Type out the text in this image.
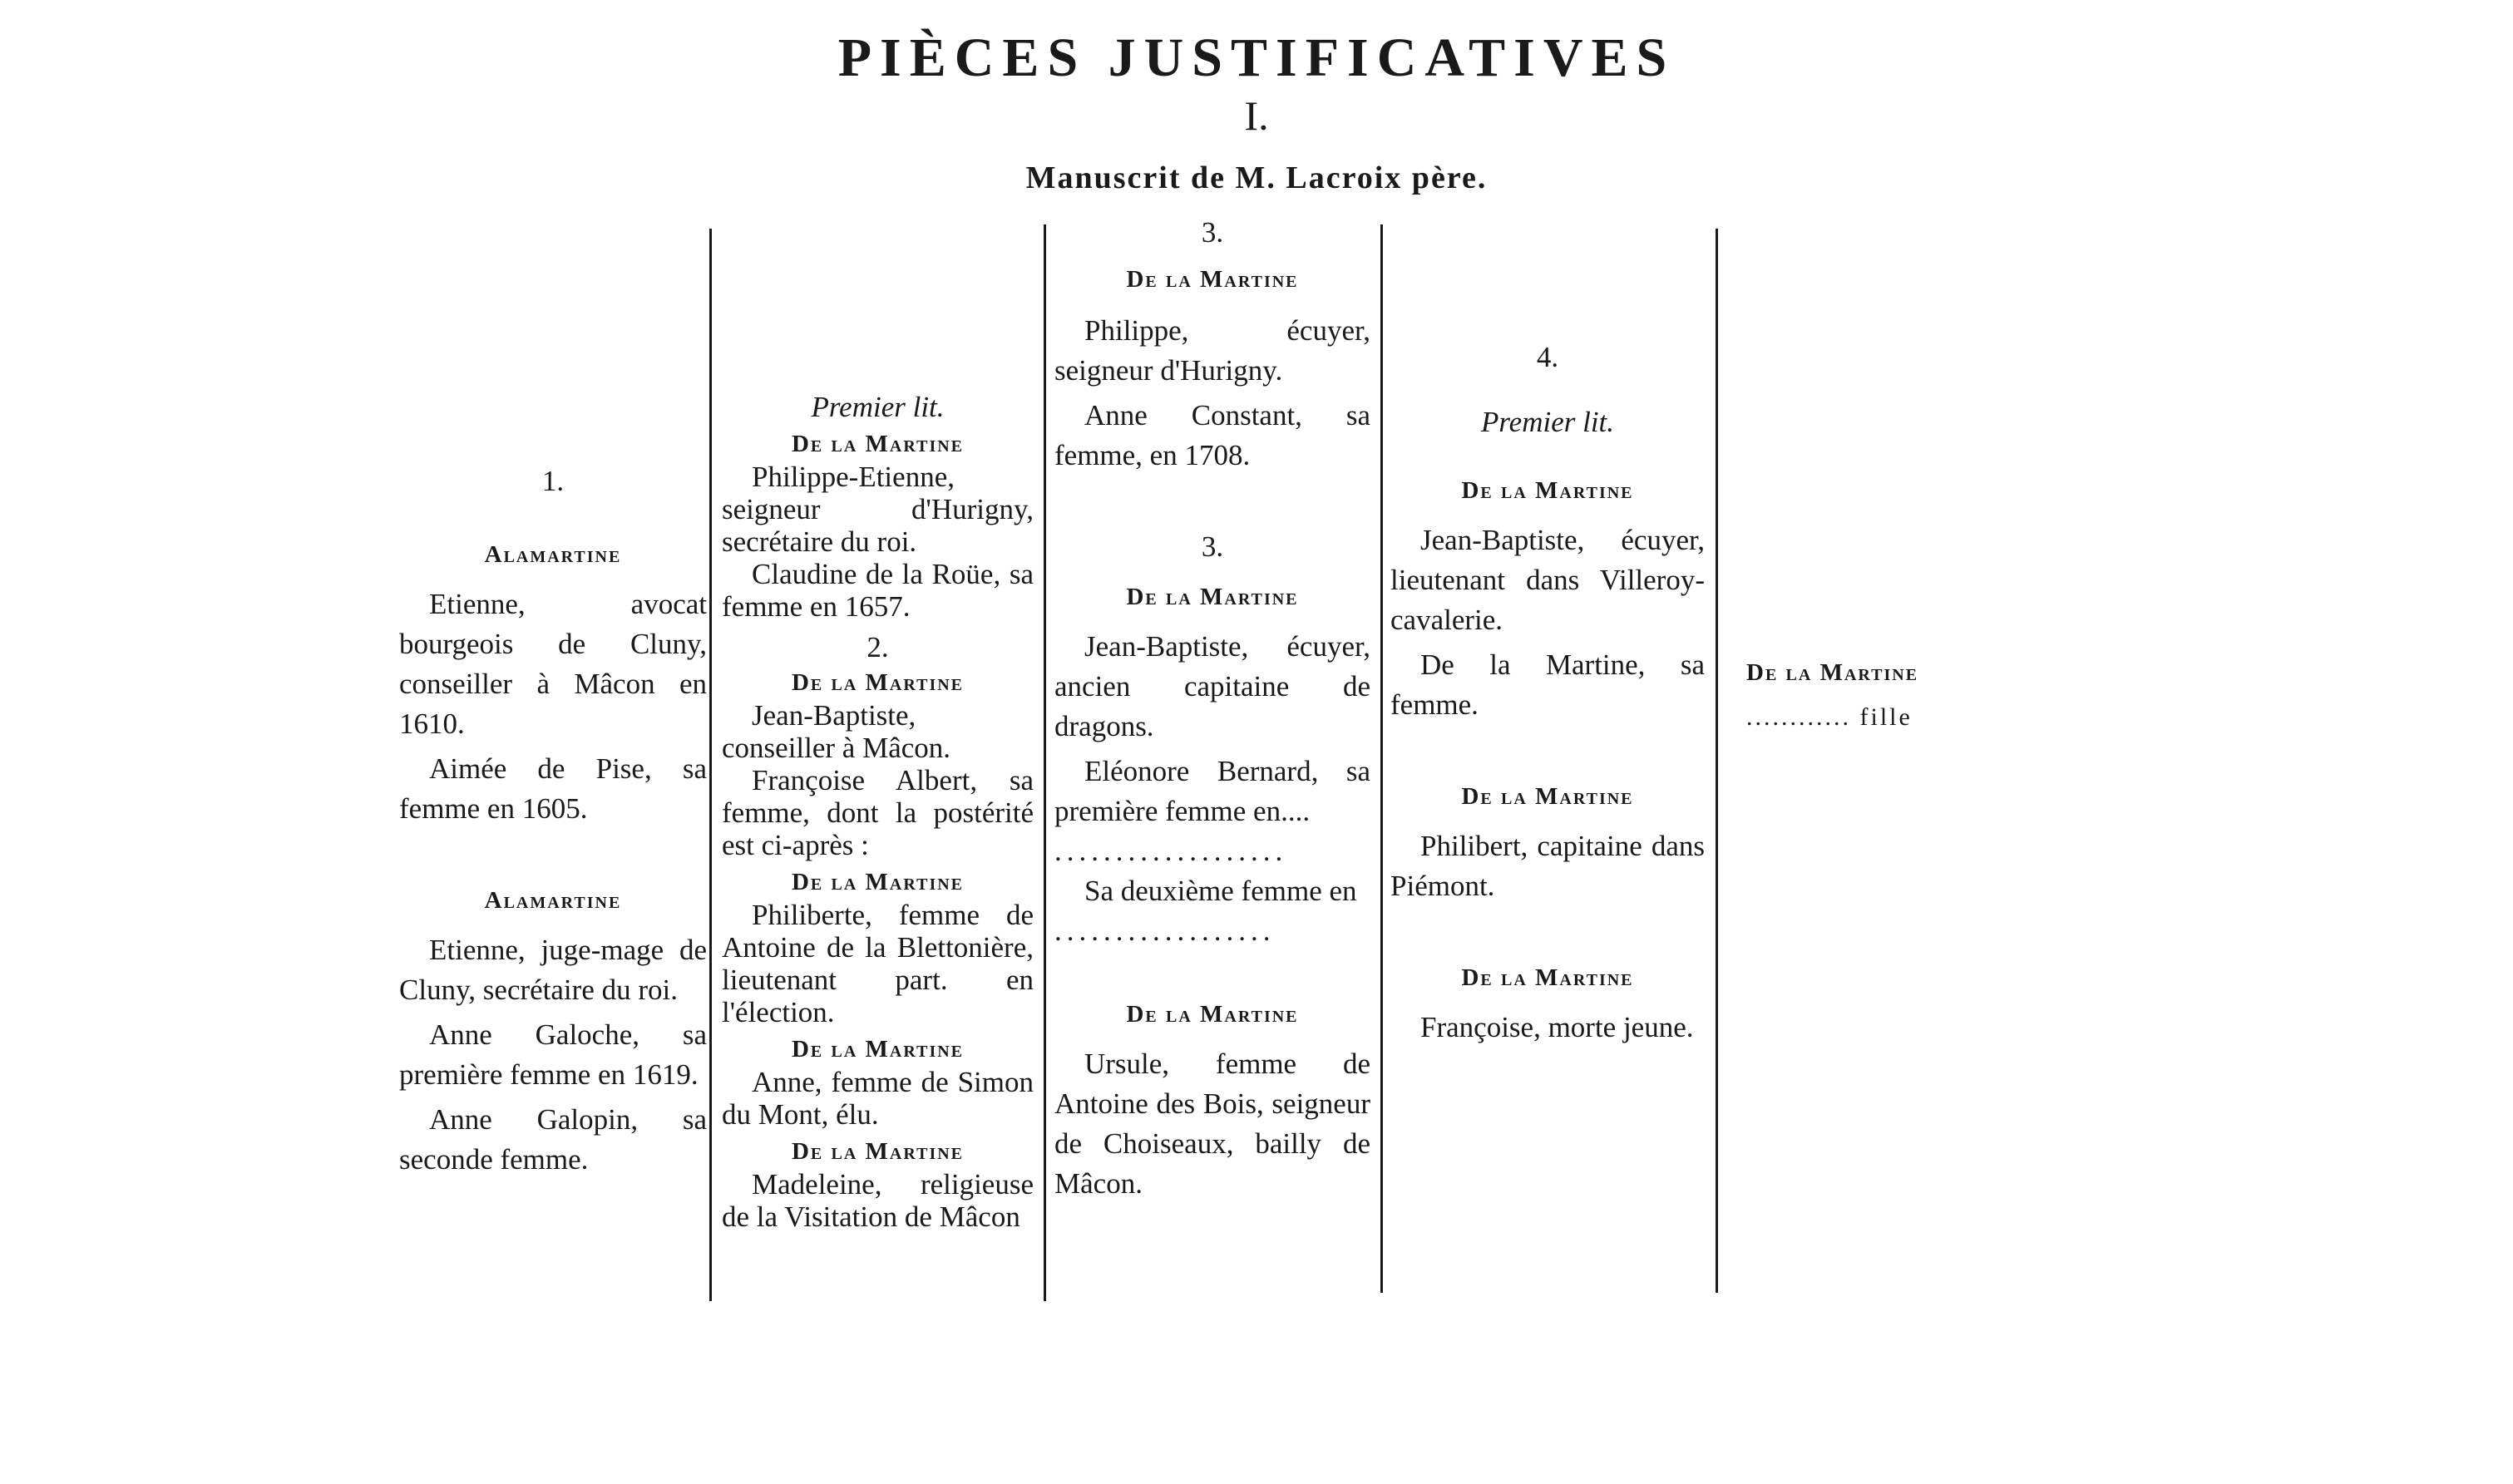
PIÈCES JUSTIFICATIVES
I.
Manuscrit de M. Lacroix père.

1.

Alamartine

Etienne, avocat bourgeois de Cluny, conseiller à Mâcon en 1610.

Aimée de Pise, sa femme en 1605.

Alamartine

Etienne, juge-mage de Cluny, secrétaire du roi.

Anne Galoche, sa première femme en 1619.

Anne Galopin, sa seconde femme.

Premier lit.

De la Martine

Philippe-Etienne, seigneur d'Hurigny, secrétaire du roi.

Claudine de la Roüe, sa femme en 1657.

2.

De la Martine

Jean-Baptiste, conseiller à Mâcon.

Françoise Albert, sa femme, dont la postérité est ci-après :

De la Martine

Philiberte, femme de Antoine de la Blettonière, lieutenant part. en l'élection.

De la Martine

Anne, femme de Simon du Mont, élu.

De la Martine

Madeleine, religieuse de la Visitation de Mâcon

3.

De la Martine

Philippe, écuyer, seigneur d'Hurigny.

Anne Constant, sa femme, en 1708.

3.

De la Martine

Jean-Baptiste, écuyer, ancien capitaine de dragons.

Eléonore Bernard, sa première femme en....

...................

Sa deuxième femme en

..................

De la Martine

Ursule, femme de Antoine des Bois, seigneur de Choiseaux, bailly de Mâcon.

4.

Premier lit.

De la Martine

Jean-Baptiste, écuyer, lieutenant dans Villeroy-cavalerie.

De la Martine, sa femme.

De la Martine

Philibert, capitaine dans Piémont.

De la Martine

Françoise, morte jeune.

De la Martine

............ fille
